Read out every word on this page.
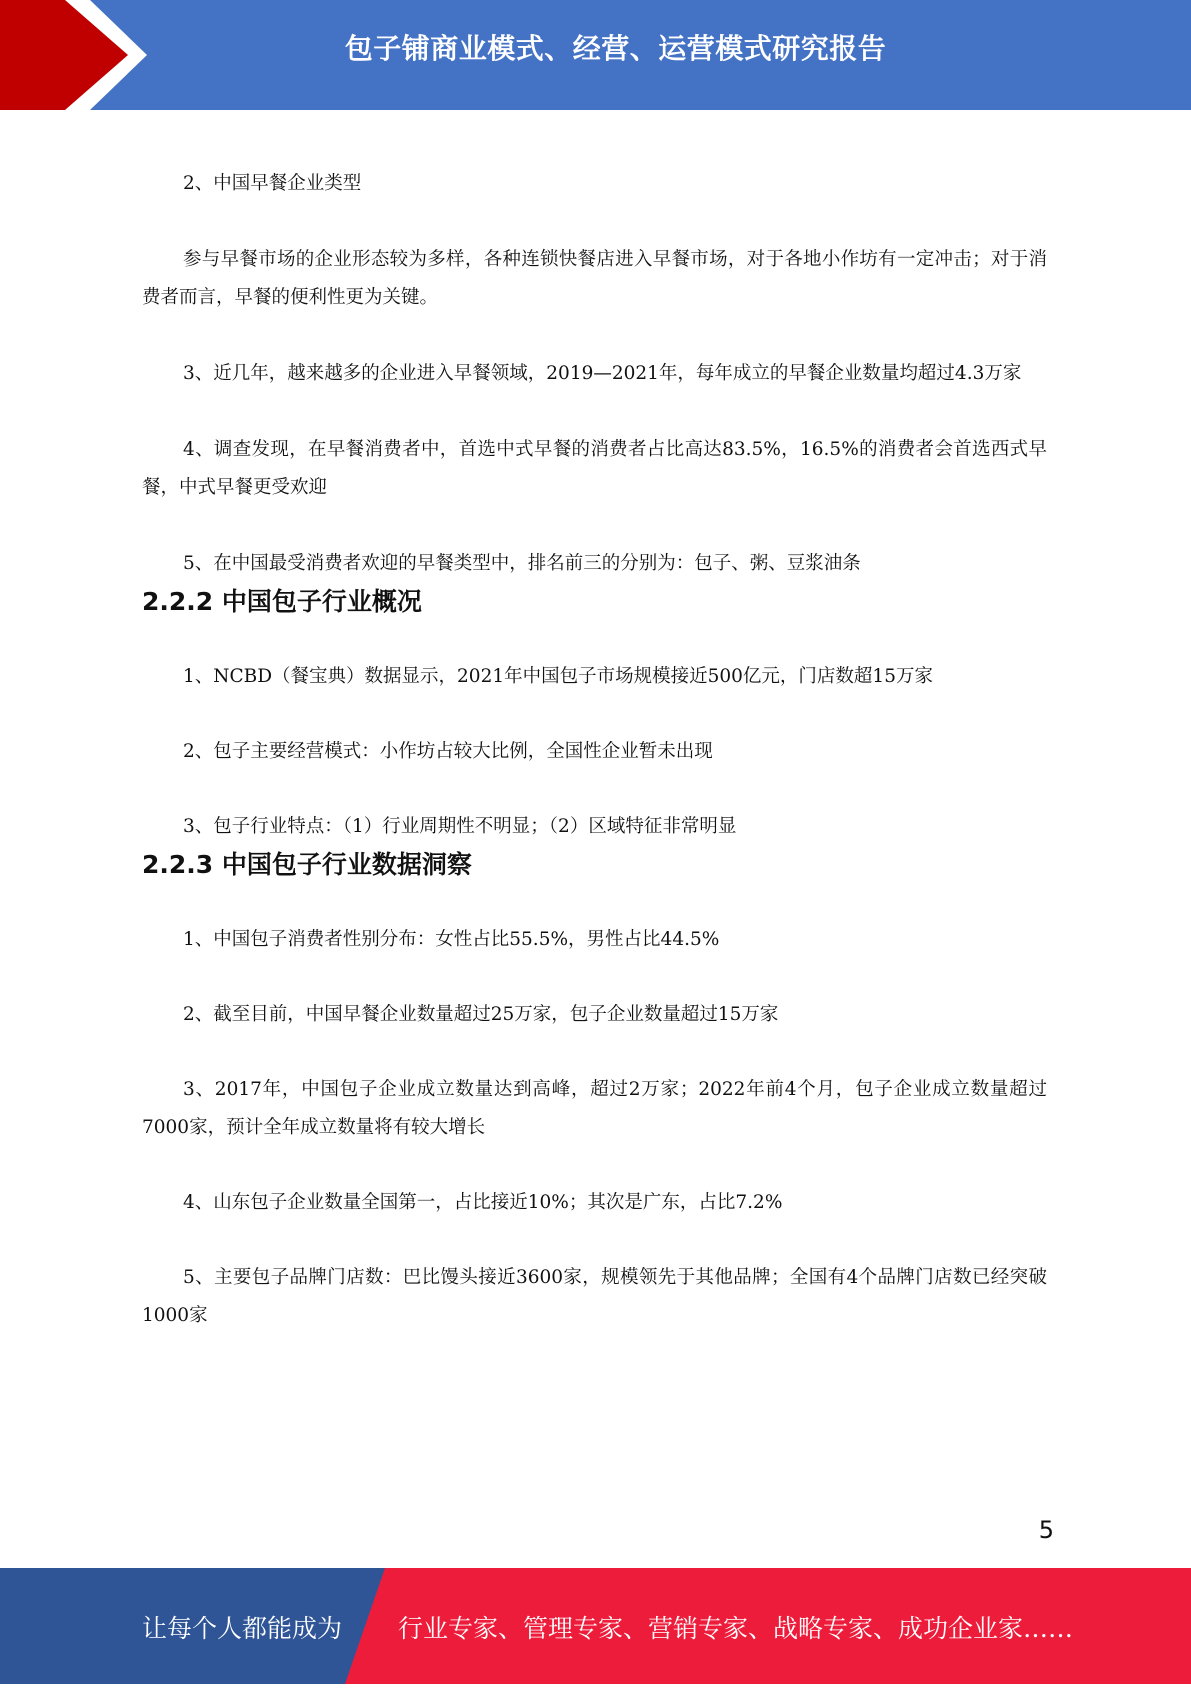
包子铺商业模式、经营、运营模式研究报告

2、中国早餐企业类型

参与早餐市场的企业形态较为多样，各种连锁快餐店进入早餐市场，对于各地小作坊有一定冲击；对于消费者而言，早餐的便利性更为关键。

3、近几年，越来越多的企业进入早餐领域，2019—2021年，每年成立的早餐企业数量均超过4.3万家

4、调查发现，在早餐消费者中，首选中式早餐的消费者占比高达83.5%，16.5%的消费者会首选西式早餐，中式早餐更受欢迎

5、在中国最受消费者欢迎的早餐类型中，排名前三的分别为：包子、粥、豆浆油条

2.2.2 中国包子行业概况

1、NCBD（餐宝典）数据显示，2021年中国包子市场规模接近500亿元，门店数超15万家

2、包子主要经营模式：小作坊占较大比例，全国性企业暂未出现

3、包子行业特点：（1）行业周期性不明显；（2）区域特征非常明显

2.2.3 中国包子行业数据洞察

1、中国包子消费者性别分布：女性占比55.5%，男性占比44.5%

2、截至目前，中国早餐企业数量超过25万家，包子企业数量超过15万家

3、2017年，中国包子企业成立数量达到高峰，超过2万家；2022年前4个月，包子企业成立数量超过7000家，预计全年成立数量将有较大增长

4、山东包子企业数量全国第一，占比接近10%；其次是广东，占比7.2%

5、主要包子品牌门店数：巴比馒头接近3600家，规模领先于其他品牌；全国有4个品牌门店数已经突破1000家

5
让每个人都能成为 行业专家、管理专家、营销专家、战略专家、成功企业家……
